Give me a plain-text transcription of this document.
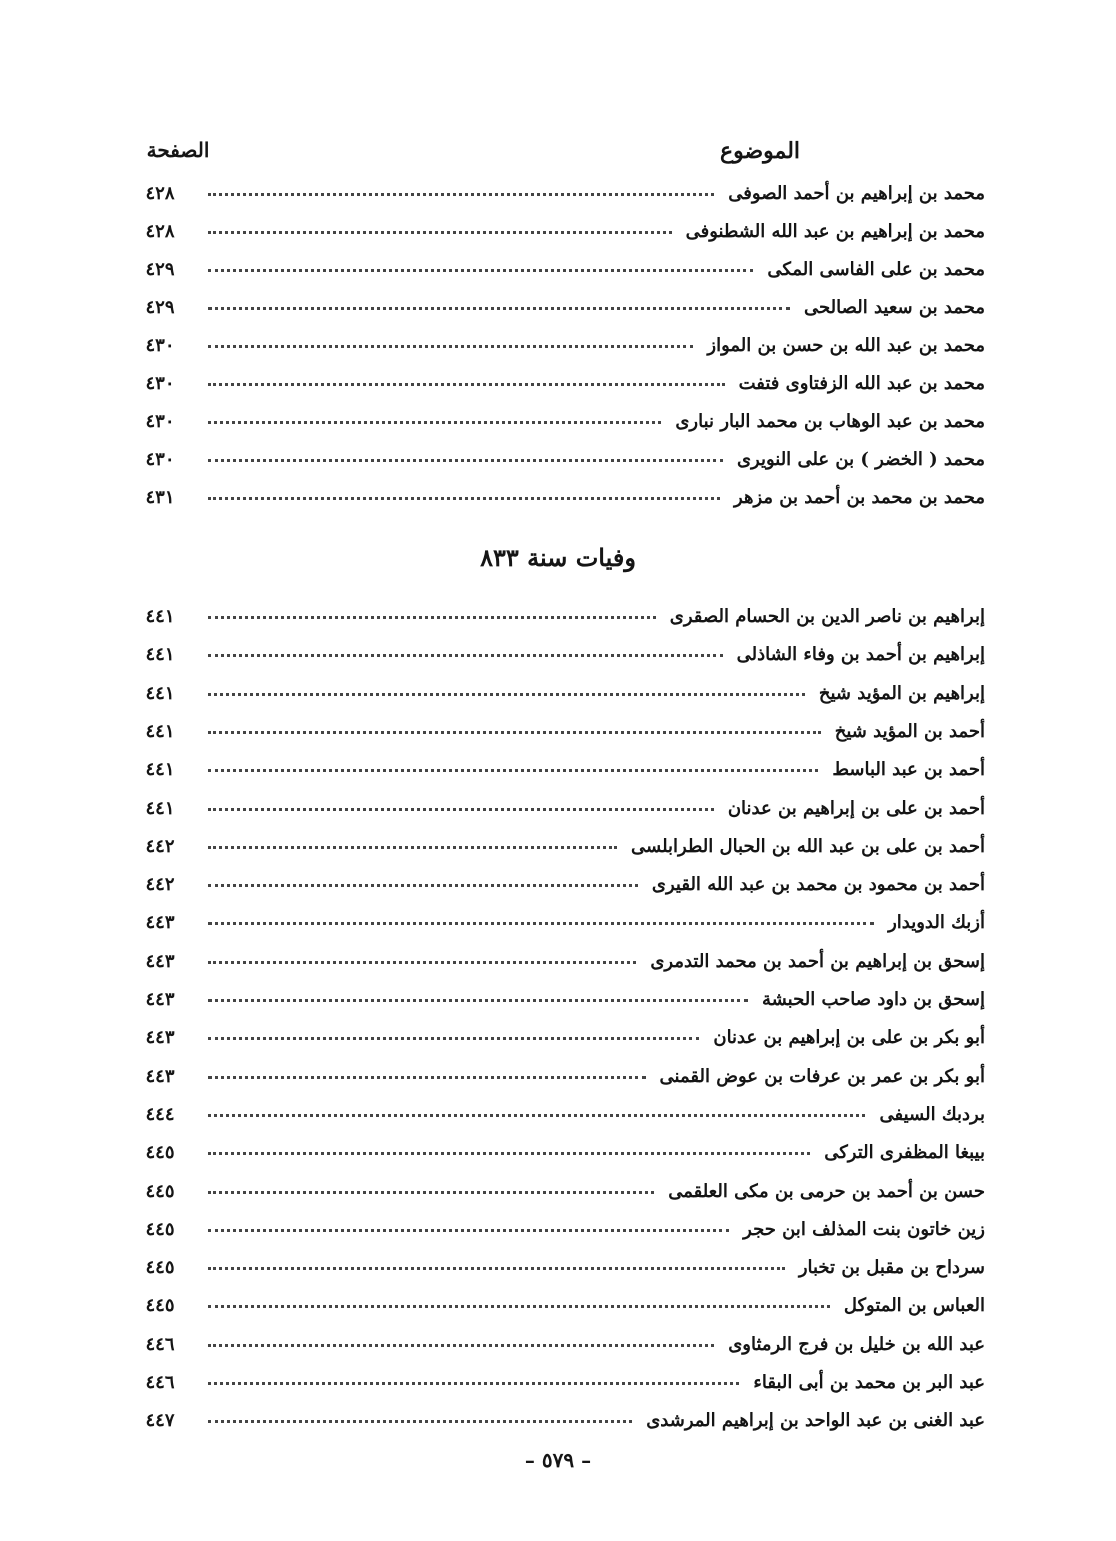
الموضوع
الصفحة
محمد بن إبراهيم بن أحمد الصوفى
٤٢٨
محمد بن إبراهيم بن عبد الله الشطنوفى
٤٢٨
محمد بن على الفاسى المكى
٤٢٩
محمد بن سعيد الصالحى
٤٢٩
محمد بن عبد الله بن حسن بن المواز
٤٣٠
محمد بن عبد الله الزفتاوى فتفت
٤٣٠
محمد بن عبد الوهاب بن محمد البار نبارى
٤٣٠
محمد ( الخضر ) بن على النويرى
٤٣٠
محمد بن محمد بن أحمد بن مزهر
٤٣١
وفيات سنة ٨٣٣
إبراهيم بن ناصر الدين بن الحسام الصقرى
٤٤١
إبراهيم بن أحمد بن وفاء الشاذلى
٤٤١
إبراهيم بن المؤيد شيخ
٤٤١
أحمد بن المؤيد شيخ
٤٤١
أحمد بن عبد الباسط
٤٤١
أحمد بن على بن إبراهيم بن عدنان
٤٤١
أحمد بن على بن عبد الله بن الحبال الطرابلسى
٤٤٢
أحمد بن محمود بن محمد بن عبد الله القيرى
٤٤٢
أزبك الدويدار
٤٤٣
إسحق بن إبراهيم بن أحمد بن محمد التدمرى
٤٤٣
إسحق بن داود صاحب الحبشة
٤٤٣
أبو بكر بن على بن إبراهيم بن عدنان
٤٤٣
أبو بكر بن عمر بن عرفات بن عوض القمنى
٤٤٣
بردبك السيفى
٤٤٤
بيبغا المظفرى التركى
٤٤٥
حسن بن أحمد بن حرمى بن مكى العلقمى
٤٤٥
زين خاتون بنت المذلف ابن حجر
٤٤٥
سرداح بن مقبل بن تخبار
٤٤٥
العباس بن المتوكل
٤٤٥
عبد الله بن خليل بن فرج الرمثاوى
٤٤٦
عبد البر بن محمد بن أبى البقاء
٤٤٦
عبد الغنى بن عبد الواحد بن إبراهيم المرشدى
٤٤٧
– ٥٧٩ –
